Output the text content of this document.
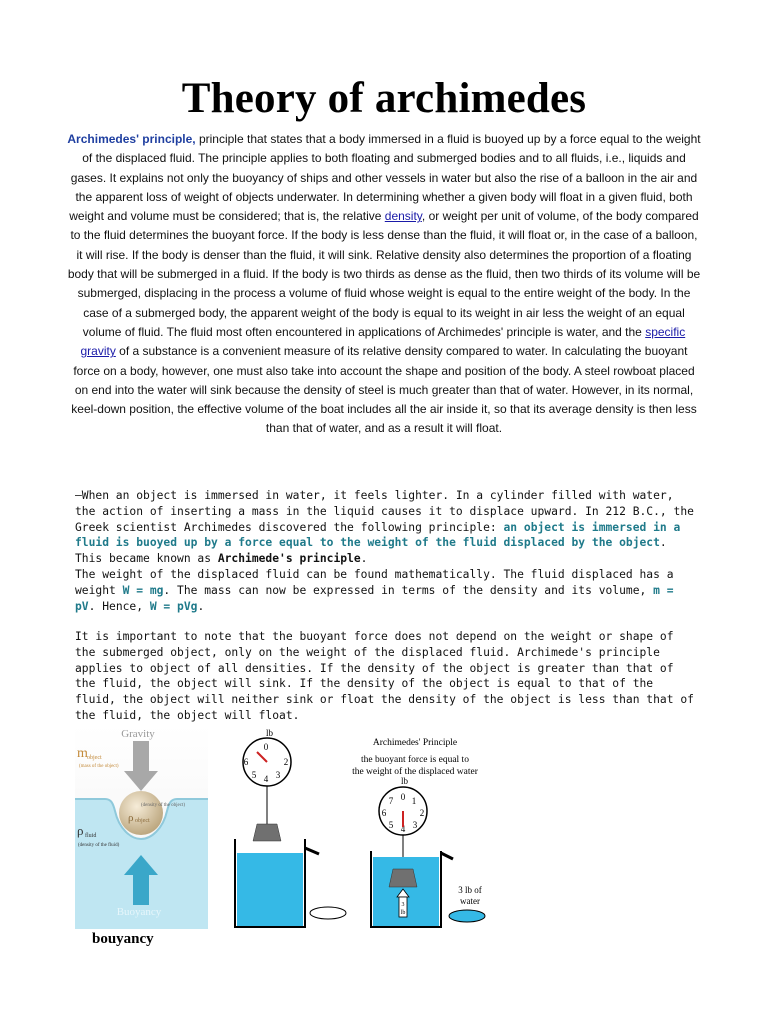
Theory of archimedes
Archimedes' principle, principle that states that a body immersed in a fluid is buoyed up by a force equal to the weight of the displaced fluid. The principle applies to both floating and submerged bodies and to all fluids, i.e., liquids and gases. It explains not only the buoyancy of ships and other vessels in water but also the rise of a balloon in the air and the apparent loss of weight of objects underwater. In determining whether a given body will float in a given fluid, both weight and volume must be considered; that is, the relative density, or weight per unit of volume, of the body compared to the fluid determines the buoyant force. If the body is less dense than the fluid, it will float or, in the case of a balloon, it will rise. If the body is denser than the fluid, it will sink. Relative density also determines the proportion of a floating body that will be submerged in a fluid. If the body is two thirds as dense as the fluid, then two thirds of its volume will be submerged, displacing in the process a volume of fluid whose weight is equal to the entire weight of the body. In the case of a submerged body, the apparent weight of the body is equal to its weight in air less the weight of an equal volume of fluid. The fluid most often encountered in applications of Archimedes' principle is water, and the specific gravity of a substance is a convenient measure of its relative density compared to water. In calculating the buoyant force on a body, however, one must also take into account the shape and position of the body. A steel rowboat placed on end into the water will sink because the density of steel is much greater than that of water. However, in its normal, keel-down position, the effective volume of the boat includes all the air inside it, so that its average density is then less than that of water, and as a result it will float.
–When an object is immersed in water, it feels lighter. In a cylinder filled with water, the action of inserting a mass in the liquid causes it to displace upward. In 212 B.C., the Greek scientist Archimedes discovered the following principle: an object is immersed in a fluid is buoyed up by a force equal to the weight of the fluid displaced by the object. This became known as Archimede's principle.
The weight of the displaced fluid can be found mathematically. The fluid displaced has a weight W = mg. The mass can now be expressed in terms of the density and its volume, m = pV. Hence, W = pVg.
It is important to note that the buoyant force does not depend on the weight or shape of the submerged object, only on the weight of the displaced fluid. Archimede's principle applies to object of all densities. If the density of the object is greater than that of the fluid, the object will sink. If the density of the object is equal to that of the fluid, the object will neither sink or float the density of the object is less than that of the fluid, the object will float.
Gravity
m object
(mass of the object)
ρ object
(density of the object)
ρ fluid
(density of the fluid)
Buoyancy
lb
0
2
3
4
5
6
Archimedes' Principle
the buoyant force is equal to
the weight of the displaced water
lb
0 1
2
3
4
5
6
7
3
lb
3 lb of
water
bouyancy
